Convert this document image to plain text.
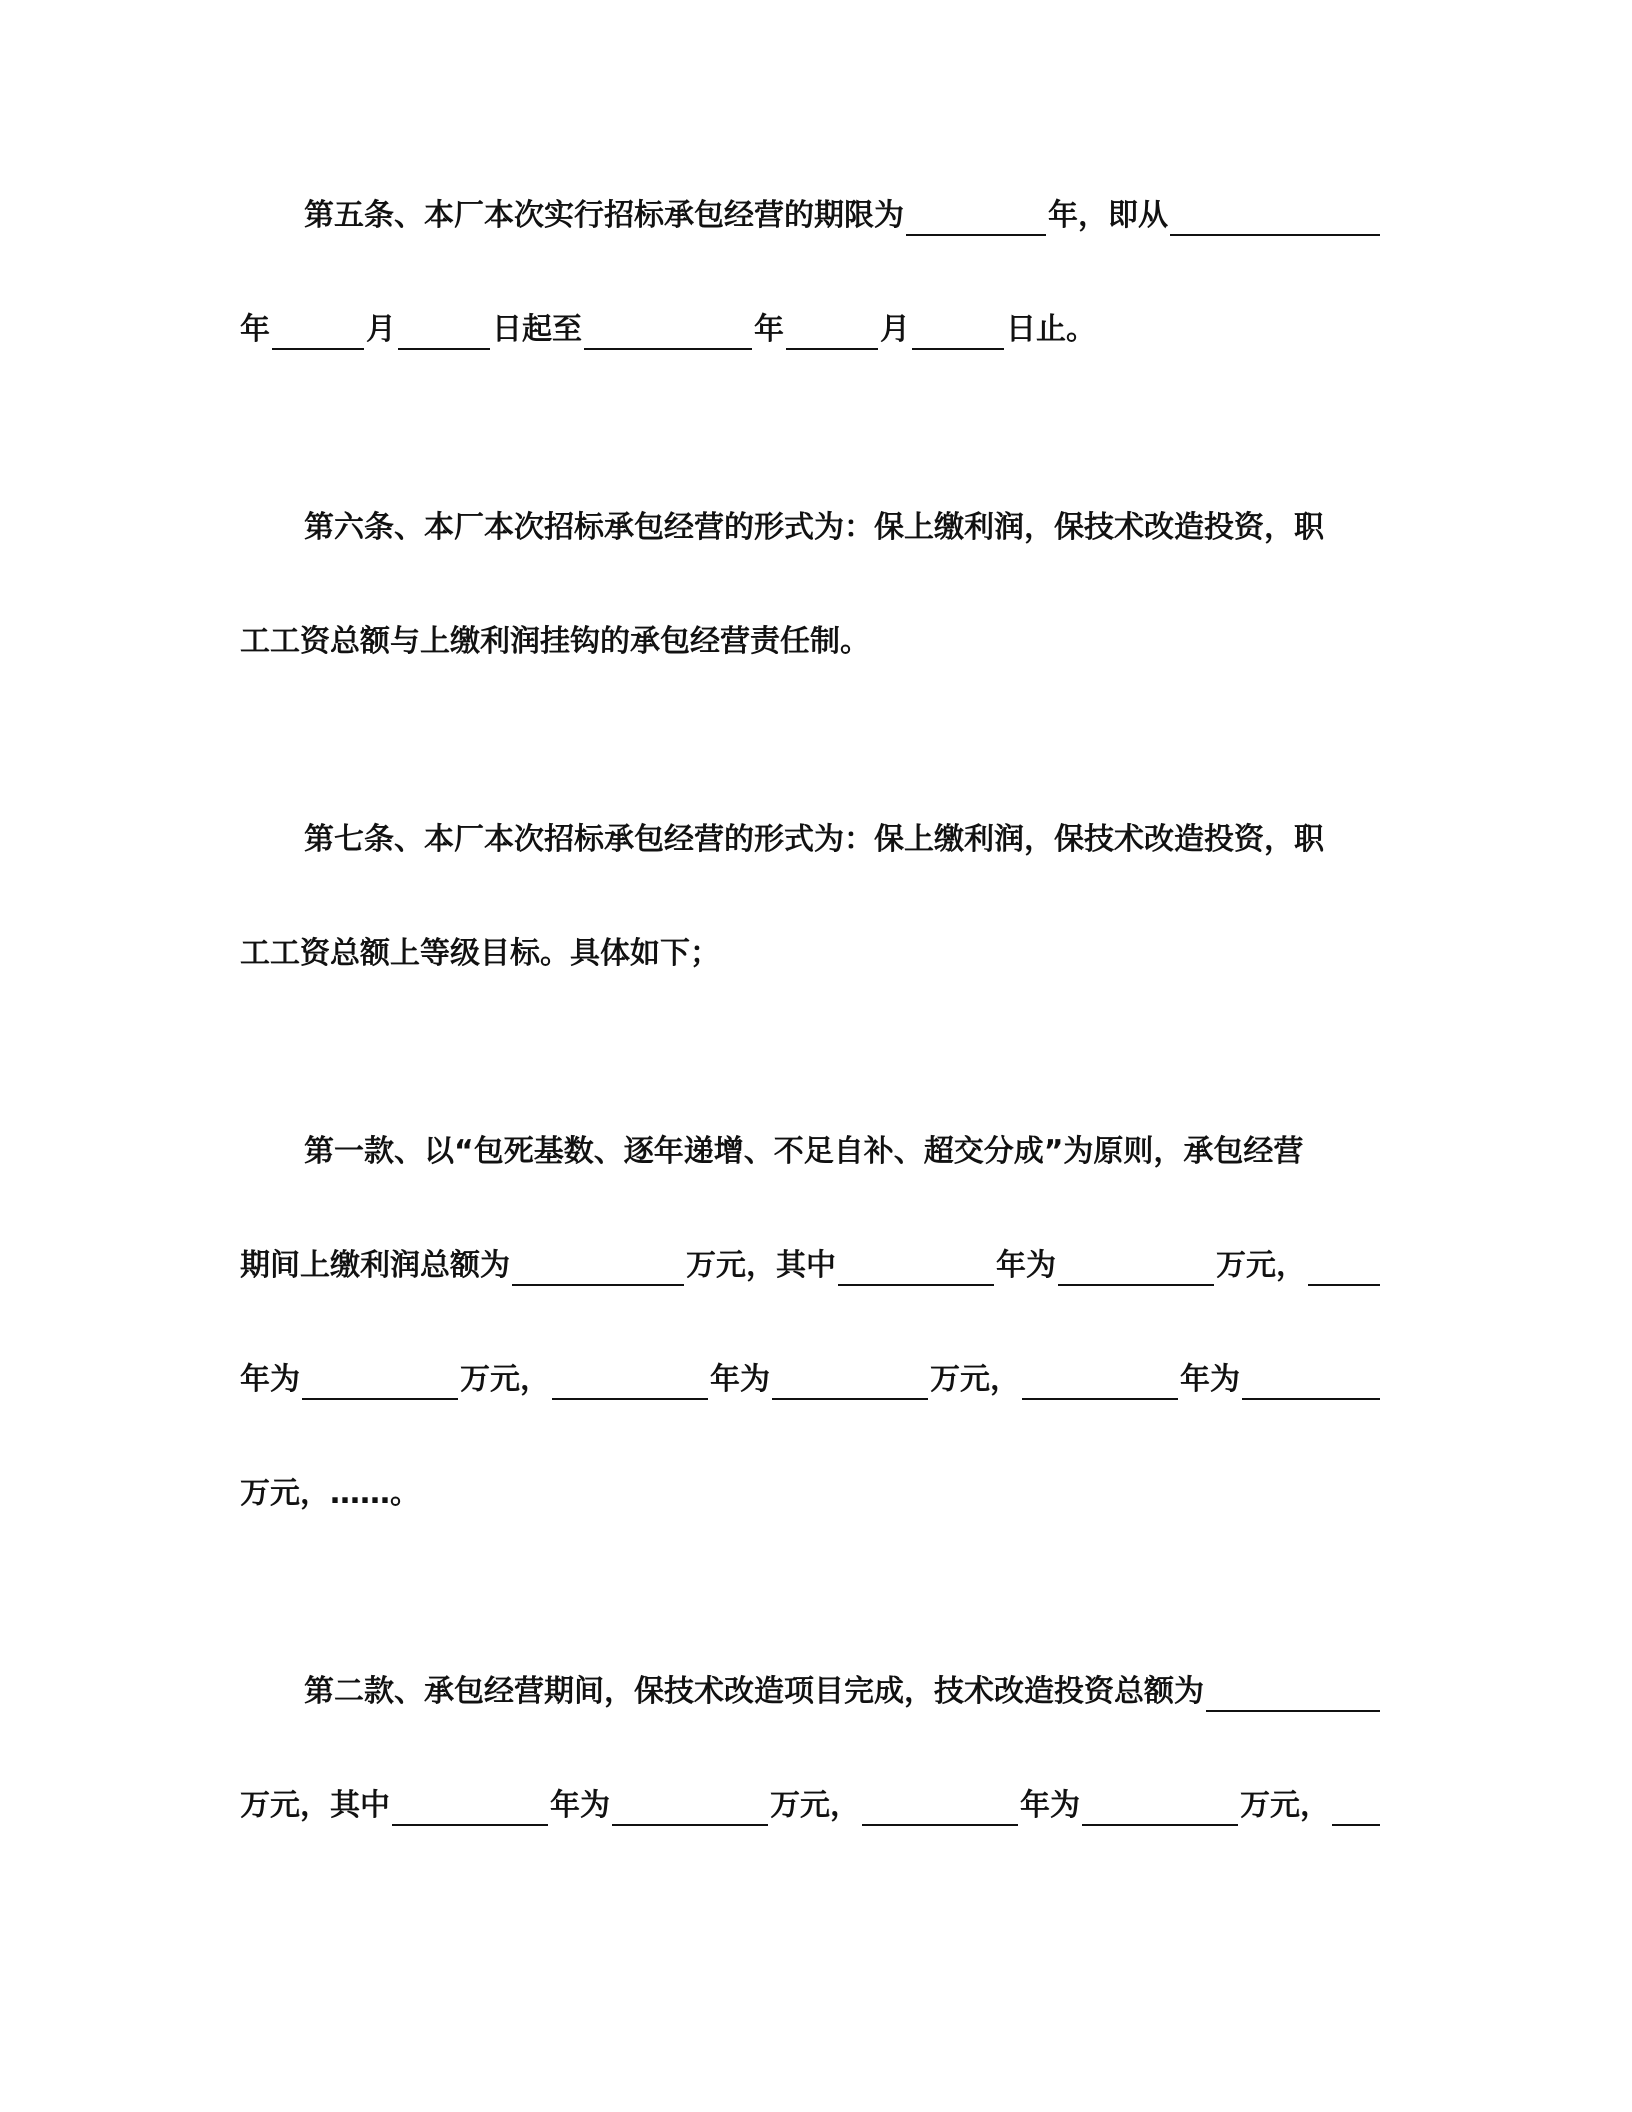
第五条、本厂本次实行招标承包经营的期限为	年，即从
年	月	日起至	年	月	日止。
第六条、本厂本次招标承包经营的形式为：保上缴利润，保技术改造投资，职
工工资总额与上缴利润挂钩的承包经营责任制。
第七条、本厂本次招标承包经营的形式为：保上缴利润，保技术改造投资，职
工工资总额上等级目标。具体如下；
第一款、以“包死基数、逐年递增、不足自补、超交分成”为原则，承包经营
期间上缴利润总额为	万元，其中	年为	万元，
年为	万元，	年为	万元，	年为
万元，……。
第二款、承包经营期间，保技术改造项目完成，技术改造投资总额为
万元，其中	年为	万元，	年为	万元，
